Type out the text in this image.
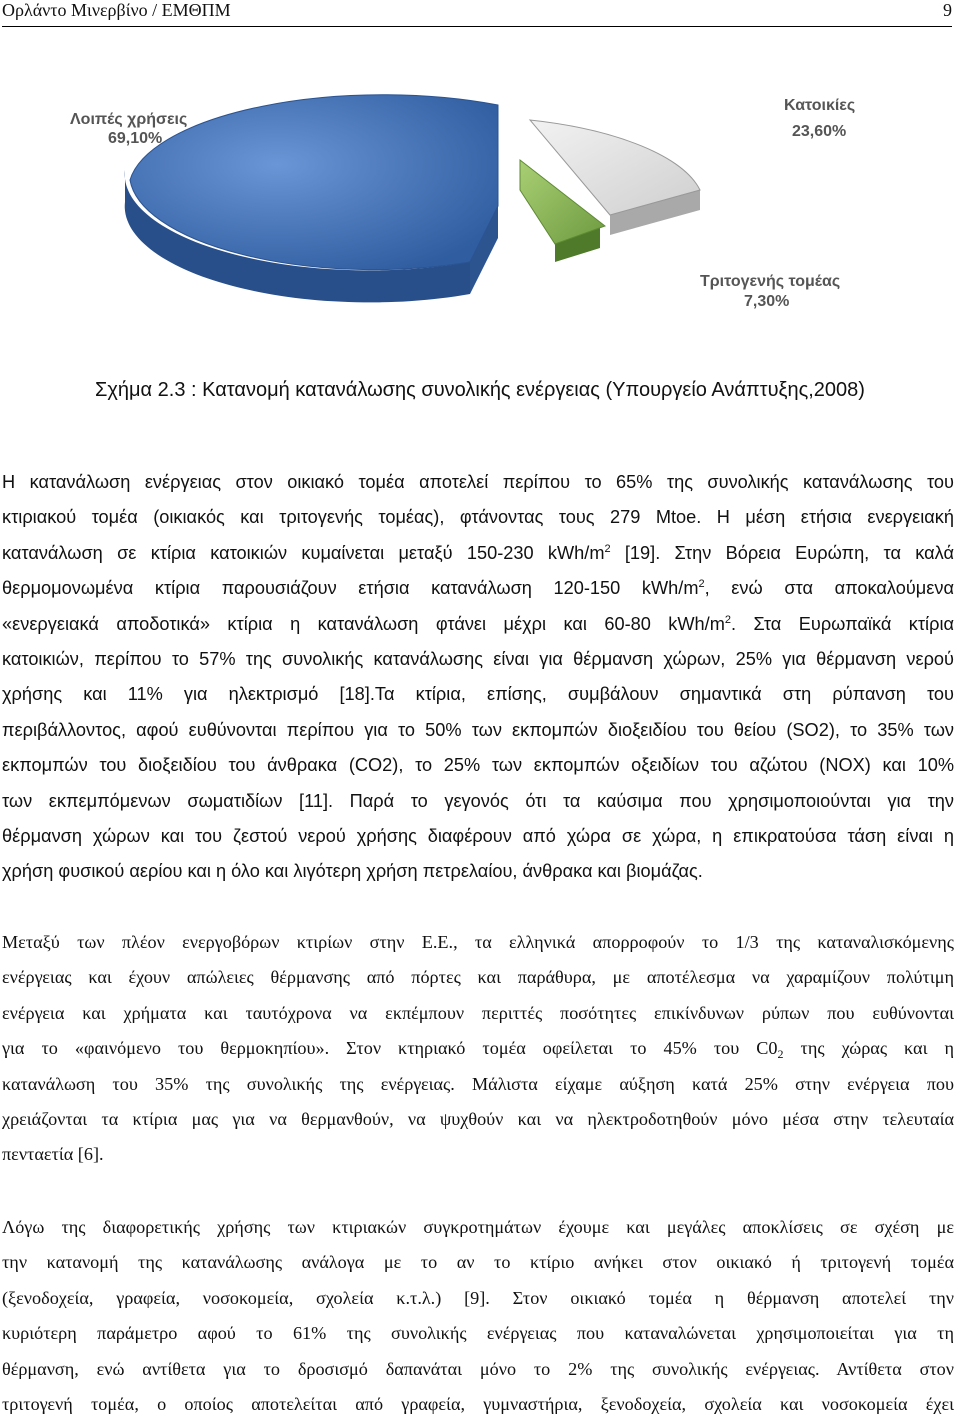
Ορλάντο Μινερβίνο / ΕΜΘΠΜ	9
Λοιπές χρήσεις
69,10%
Κατοικίες
23,60%
Τριτογενής τομέας
7,30%
Σχήμα 2.3 : Κατανομή κατανάλωσης συνολικής ενέργειας (Υπουργείο Ανάπτυξης,2008)
Η κατανάλωση ενέργειας στον οικιακό τομέα αποτελεί περίπου το 65% της συνολικής κατανάλωσης του
κτιριακού τομέα (οικιακός και τριτογενής τομέας), φτάνοντας τους 279 Mtoe. Η μέση ετήσια ενεργειακή
κατανάλωση σε κτίρια κατοικιών κυμαίνεται μεταξύ 150-230 kWh/$m^2$ [19]. Στην Βόρεια Ευρώπη, τα καλά
θερμομονωμένα κτίρια παρουσιάζουν ετήσια κατανάλωση 120-150 kWh/$m^2$, ενώ στα αποκαλούμενα
«ενεργειακά αποδοτικά» κτίρια η κατανάλωση φτάνει μέχρι και 60-80 kWh/$m^2$. Στα Ευρωπαϊκά κτίρια
κατοικιών, περίπου το 57% της συνολικής κατανάλωσης είναι για θέρμανση χώρων, 25% για θέρμανση νερού
χρήσης και 11% για ηλεκτρισμό [18].Τα κτίρια, επίσης, συμβάλουν σημαντικά στη ρύπανση του
περιβάλλοντος, αφού ευθύνονται περίπου για το 50% των εκπομπών διοξειδίου του θείου (SO2), το 35% των
εκπομπών του διοξειδίου του άνθρακα (CO2), το 25% των εκπομπών οξειδίων του αζώτου (NOX) και 10%
των εκπεμπόμενων σωματιδίων [11]. Παρά το γεγονός ότι τα καύσιμα που χρησιμοποιούνται για την
θέρμανση χώρων και του ζεστού νερού χρήσης διαφέρουν από χώρα σε χώρα, η επικρατούσα τάση είναι η
χρήση φυσικού αερίου και η όλο και λιγότερη χρήση πετρελαίου, άνθρακα και βιομάζας.
Μεταξύ των πλέον ενεργοβόρων κτιρίων στην Ε.Ε., τα ελληνικά απορροφούν το 1/3 της καταναλισκόμενης
ενέργειας και έχουν απώλειες θέρμανσης από πόρτες και παράθυρα, με αποτέλεσμα να χαραμίζουν πολύτιμη
ενέργεια και χρήματα και ταυτόχρονα να εκπέμπουν περιττές ποσότητες επικίνδυνων ρύπων που ευθύνονται
για το «φαινόμενο του θερμοκηπίου». Στον κτηριακό τομέα οφείλεται το 45% του $C0_2$ της χώρας και η
κατανάλωση του 35% της συνολικής της ενέργειας. Μάλιστα είχαμε αύξηση κατά 25% στην ενέργεια που
χρειάζονται τα κτίρια μας για να θερμανθούν, να ψυχθούν και να ηλεκτροδοτηθούν μόνο μέσα στην τελευταία
πενταετία [6].
Λόγω της διαφορετικής χρήσης των κτιριακών συγκροτημάτων έχουμε και μεγάλες αποκλίσεις σε σχέση με
την κατανομή της κατανάλωσης ανάλογα με το αν το κτίριο ανήκει στον οικιακό ή τριτογενή τομέα
(ξενοδοχεία, γραφεία, νοσοκομεία, σχολεία κ.τ.λ.) [9]. Στον οικιακό τομέα η θέρμανση αποτελεί την
κυριότερη παράμετρο αφού το 61% της συνολικής ενέργειας που καταναλώνεται χρησιμοποιείται για τη
θέρμανση, ενώ αντίθετα για το δροσισμό δαπανάται μόνο το 2% της συνολικής ενέργειας. Αντίθετα στον
τριτογενή τομέα, ο οποίος αποτελείται από γραφεία, γυμναστήρια, ξενοδοχεία, σχολεία και νοσοκομεία έχει
